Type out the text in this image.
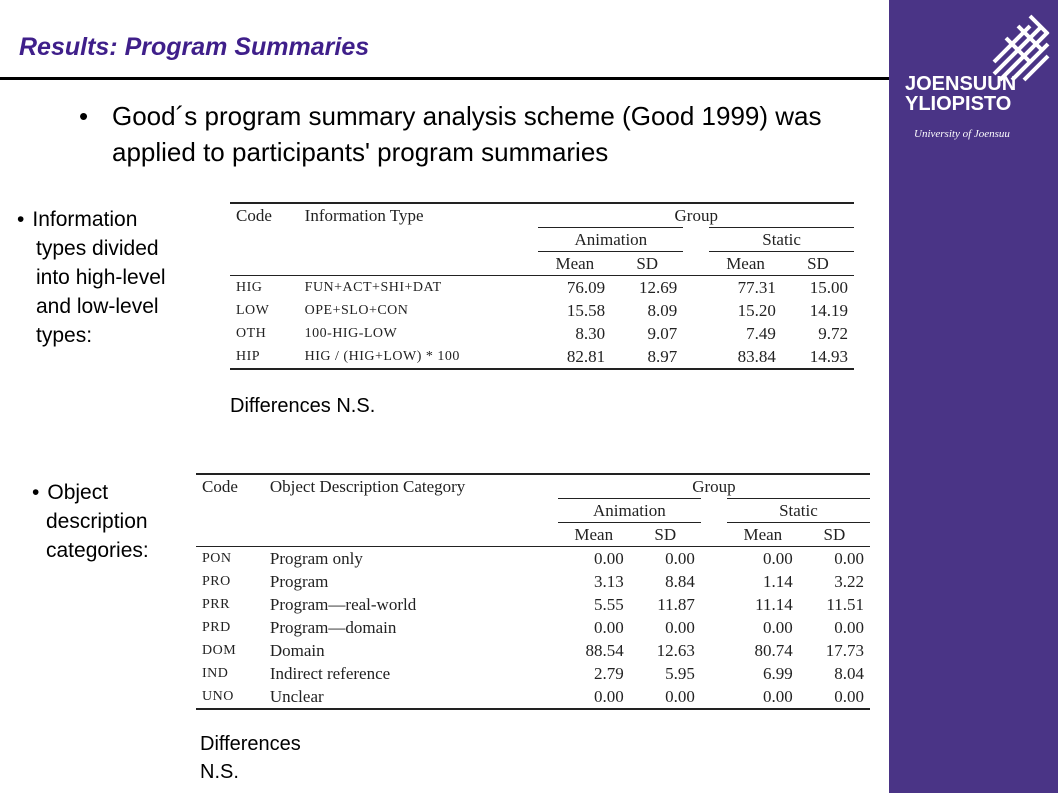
JOENSUUN
YLIOPISTO
University of Joensuu
Results: Program Summaries
• Good´s program summary analysis scheme (Good 1999) was applied to participants' program summaries
• Information
types divided
into high-level
and low-level
types:
Code	Information Type	Group				
		Animation			Static	
		Mean	SD		Mean	SD
HIG	FUN+ACT+SHI+DAT	76.09	12.69		77.31	15.00
LOW	OPE+SLO+CON	15.58	8.09		15.20	14.19
OTH	100-HIG-LOW	8.30	9.07		7.49	9.72
HIP	HIG / (HIG+LOW) * 100	82.81	8.97		83.84	14.93
Differences N.S.
• Object
description
categories:
Code	Object Description Category	Group				
		Animation			Static	
		Mean	SD		Mean	SD
PON	Program only	0.00	0.00		0.00	0.00
PRO	Program	3.13	8.84		1.14	3.22
PRR	Program—real-world	5.55	11.87		11.14	11.51
PRD	Program—domain	0.00	0.00		0.00	0.00
DOM	Domain	88.54	12.63		80.74	17.73
IND	Indirect reference	2.79	5.95		6.99	8.04
UNO	Unclear	0.00	0.00		0.00	0.00
Differences
N.S.
